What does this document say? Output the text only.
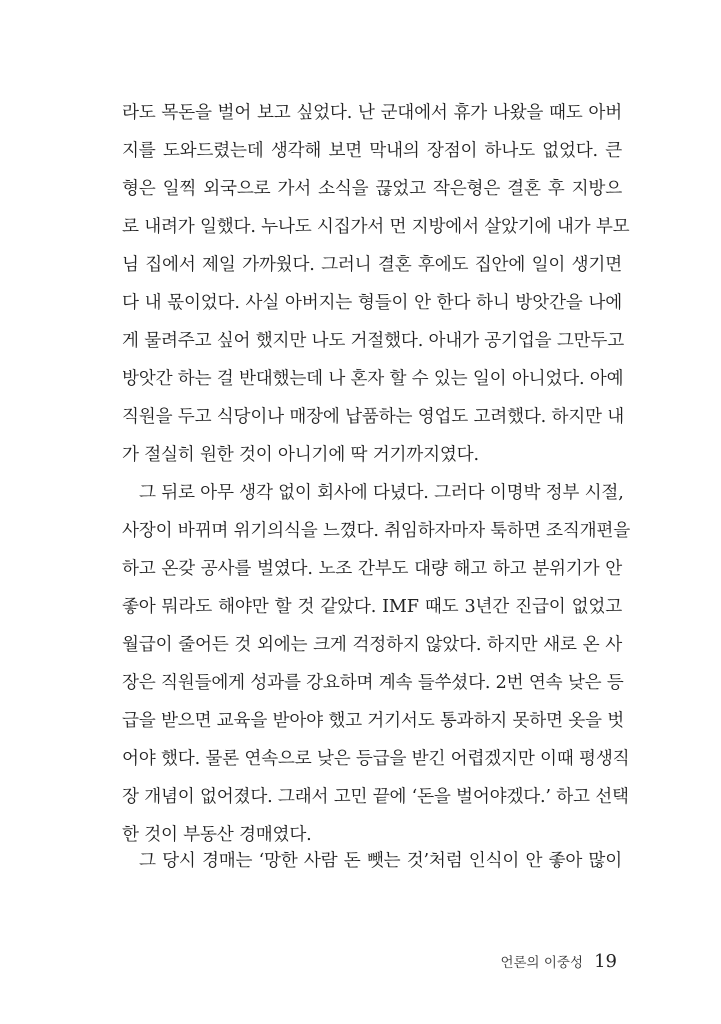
라도 목돈을 벌어 보고 싶었다. 난 군대에서 휴가 나왔을 때도 아버
지를 도와드렸는데 생각해 보면 막내의 장점이 하나도 없었다. 큰
형은 일찍 외국으로 가서 소식을 끊었고 작은형은 결혼 후 지방으
로 내려가 일했다. 누나도 시집가서 먼 지방에서 살았기에 내가 부모
님 집에서 제일 가까웠다. 그러니 결혼 후에도 집안에 일이 생기면
다 내 몫이었다. 사실 아버지는 형들이 안 한다 하니 방앗간을 나에
게 물려주고 싶어 했지만 나도 거절했다. 아내가 공기업을 그만두고
방앗간 하는 걸 반대했는데 나 혼자 할 수 있는 일이 아니었다. 아예
직원을 두고 식당이나 매장에 납품하는 영업도 고려했다. 하지만 내
가 절실히 원한 것이 아니기에 딱 거기까지였다.
그 뒤로 아무 생각 없이 회사에 다녔다. 그러다 이명박 정부 시절,
사장이 바뀌며 위기의식을 느꼈다. 취임하자마자 툭하면 조직개편을
하고 온갖 공사를 벌였다. 노조 간부도 대량 해고 하고 분위기가 안
좋아 뭐라도 해야만 할 것 같았다. IMF 때도 3년간 진급이 없었고
월급이 줄어든 것 외에는 크게 걱정하지 않았다. 하지만 새로 온 사
장은 직원들에게 성과를 강요하며 계속 들쑤셨다. 2번 연속 낮은 등
급을 받으면 교육을 받아야 했고 거기서도 통과하지 못하면 옷을 벗
어야 했다. 물론 연속으로 낮은 등급을 받긴 어렵겠지만 이때 평생직
장 개념이 없어졌다. 그래서 고민 끝에 ‘돈을 벌어야겠다.’ 하고 선택
한 것이 부동산 경매였다.
그 당시 경매는 ‘망한 사람 돈 뺏는 것’처럼 인식이 안 좋아 많이
언론의 이중성 19
